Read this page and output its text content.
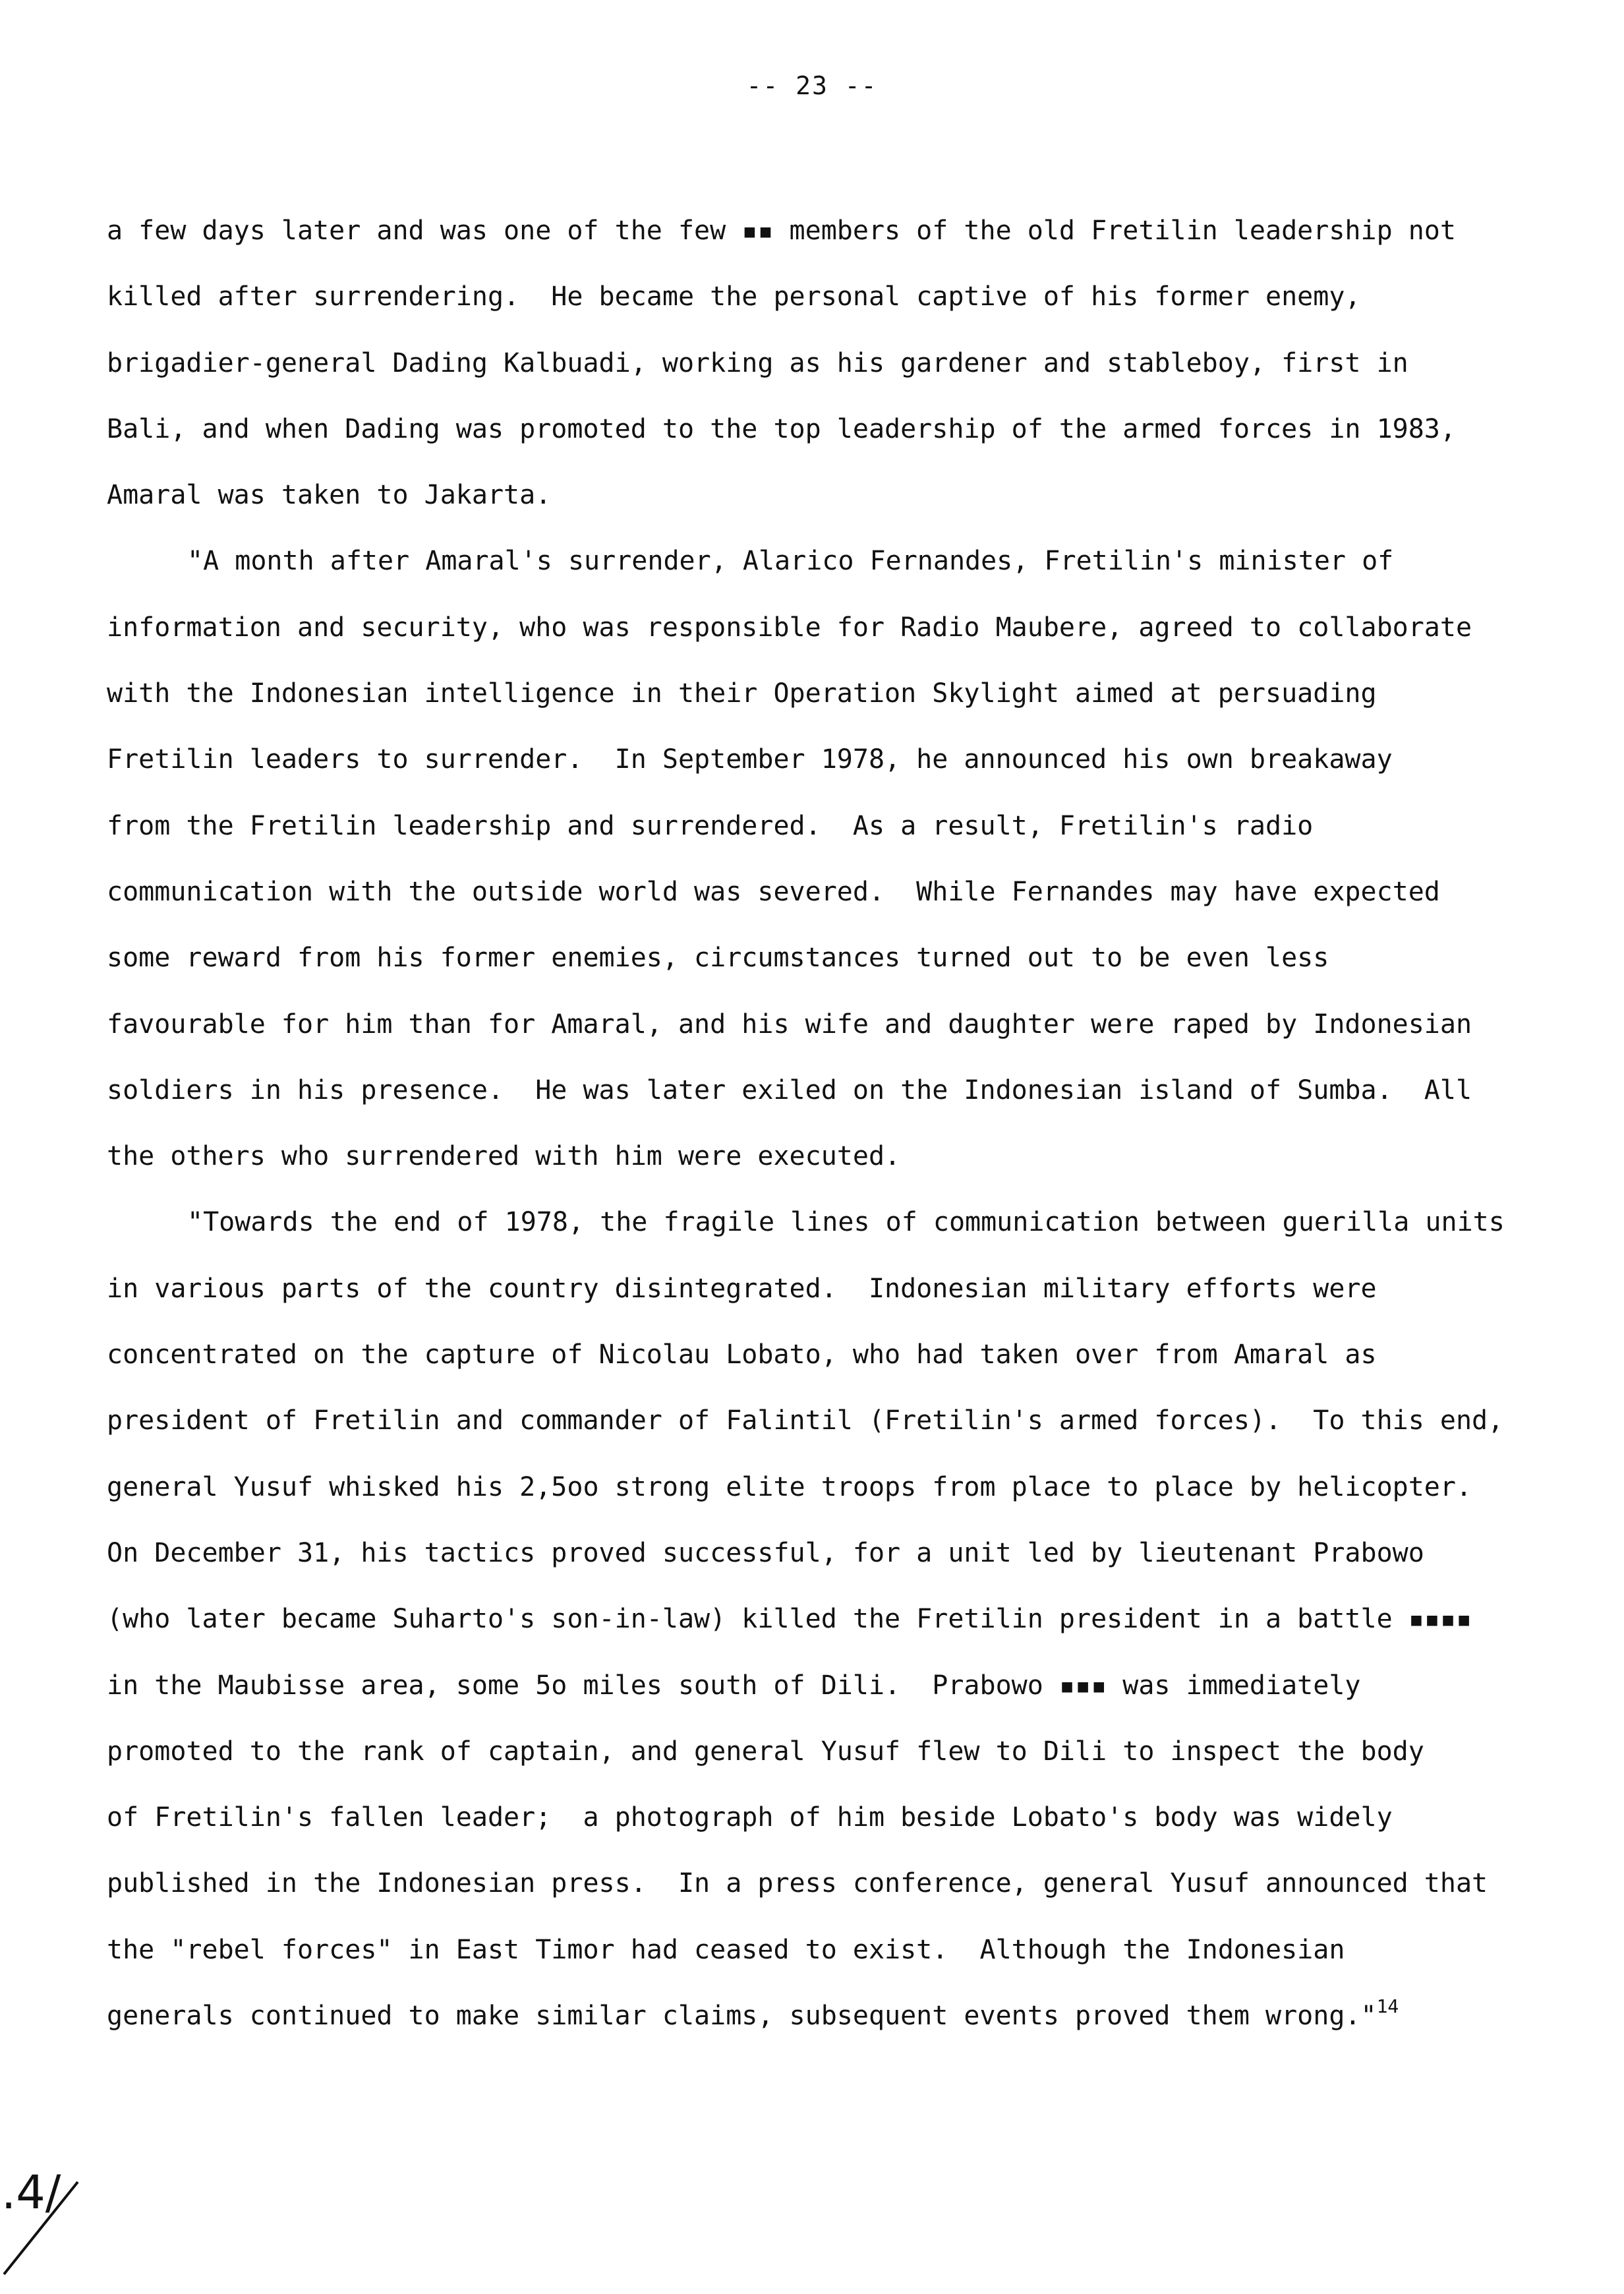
-- 23 --
a few days later and was one of the few ▪▪ members of the old Fretilin leadership not
killed after surrendering.  He became the personal captive of his former enemy,
brigadier-general Dading Kalbuadi, working as his gardener and stableboy, first in
Bali, and when Dading was promoted to the top leadership of the armed forces in 1983,
Amaral was taken to Jakarta.
"A month after Amaral's surrender, Alarico Fernandes, Fretilin's minister of
information and security, who was responsible for Radio Maubere, agreed to collaborate
with the Indonesian intelligence in their Operation Skylight aimed at persuading
Fretilin leaders to surrender.  In September 1978, he announced his own breakaway
from the Fretilin leadership and surrendered.  As a result, Fretilin's radio
communication with the outside world was severed.  While Fernandes may have expected
some reward from his former enemies, circumstances turned out to be even less
favourable for him than for Amaral, and his wife and daughter were raped by Indonesian
soldiers in his presence.  He was later exiled on the Indonesian island of Sumba.  All
the others who surrendered with him were executed.
"Towards the end of 1978, the fragile lines of communication between guerilla units
in various parts of the country disintegrated.  Indonesian military efforts were
concentrated on the capture of Nicolau Lobato, who had taken over from Amaral as
president of Fretilin and commander of Falintil (Fretilin's armed forces).  To this end,
general Yusuf whisked his 2,5oo strong elite troops from place to place by helicopter.
On December 31, his tactics proved successful, for a unit led by lieutenant Prabowo
(who later became Suharto's son-in-law) killed the Fretilin president in a battle ▪▪▪▪
in the Maubisse area, some 5o miles south of Dili.  Prabowo ▪▪▪ was immediately
promoted to the rank of captain, and general Yusuf flew to Dili to inspect the body
of Fretilin's fallen leader;  a photograph of him beside Lobato's body was widely
published in the Indonesian press.  In a press conference, general Yusuf announced that
the "rebel forces" in East Timor had ceased to exist.  Although the Indonesian
generals continued to make similar claims, subsequent events proved them wrong."$^{14}$
.4/
